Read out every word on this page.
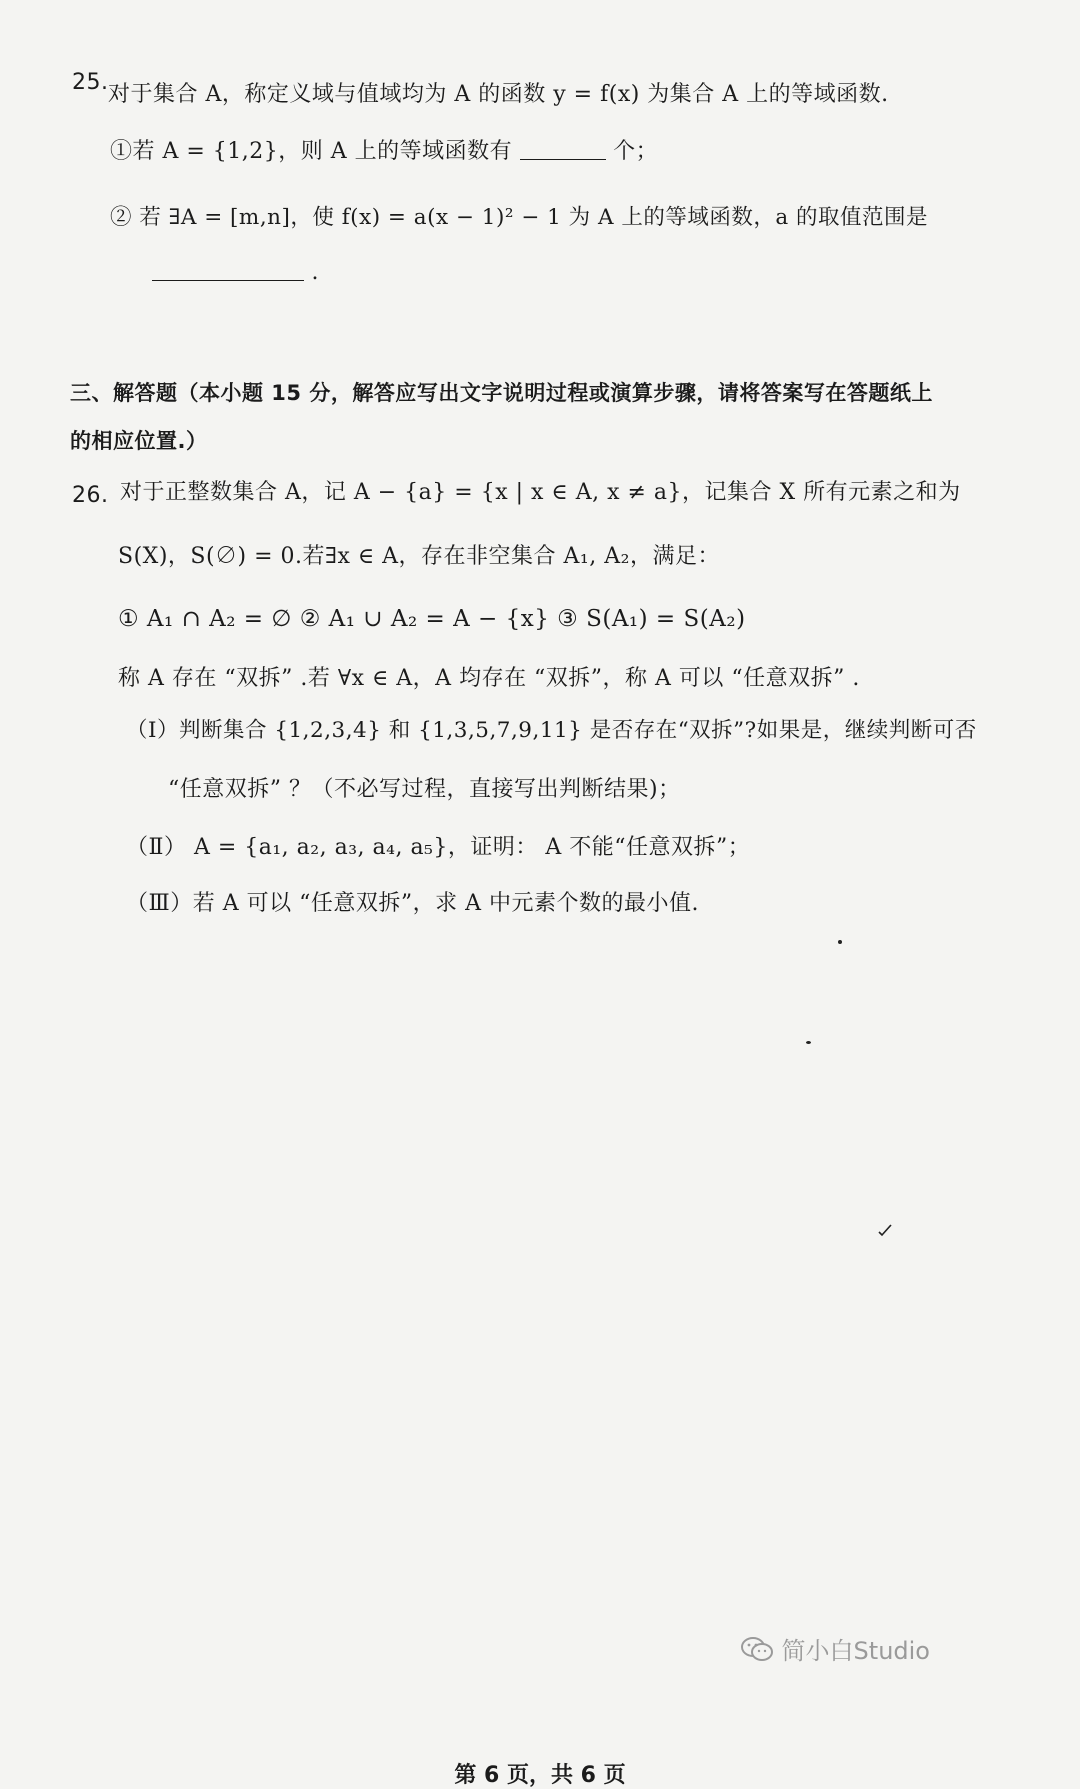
25. 对于集合 A，称定义域与值域均为 A 的函数 y = f(x) 为集合 A 上的等域函数.
①若 A = {1,2}，则 A 上的等域函数有	个；
② 若 ∃A = [m,n]，使 f(x) = a(x − 1)² − 1 为 A 上的等域函数，a 的取值范围是
.
三、解答题（本小题 15 分，解答应写出文字说明过程或演算步骤，请将答案写在答题纸上
的相应位置.）
26. 对于正整数集合 A，记 A − {a} = {x | x ∈ A, x ≠ a}，记集合 X 所有元素之和为
S(X)，S(∅) = 0.若∃x ∈ A，存在非空集合 A₁, A₂，满足：
① A₁ ∩ A₂ = ∅ ② A₁ ∪ A₂ = A − {x} ③ S(A₁) = S(A₂)
称 A 存在 “双拆” .若 ∀x ∈ A，A 均存在 “双拆”，称 A 可以 “任意双拆” .
（Ⅰ）判断集合 {1,2,3,4} 和 {1,3,5,7,9,11} 是否存在“双拆”?如果是，继续判断可否
“任意双拆” ？（不必写过程，直接写出判断结果)；
（Ⅱ） A = {a₁, a₂, a₃, a₄, a₅}，证明： A 不能“任意双拆”；
（Ⅲ）若 A 可以 “任意双拆”，求 A 中元素个数的最小值.
简小白Studio
第 6 页，共 6 页
